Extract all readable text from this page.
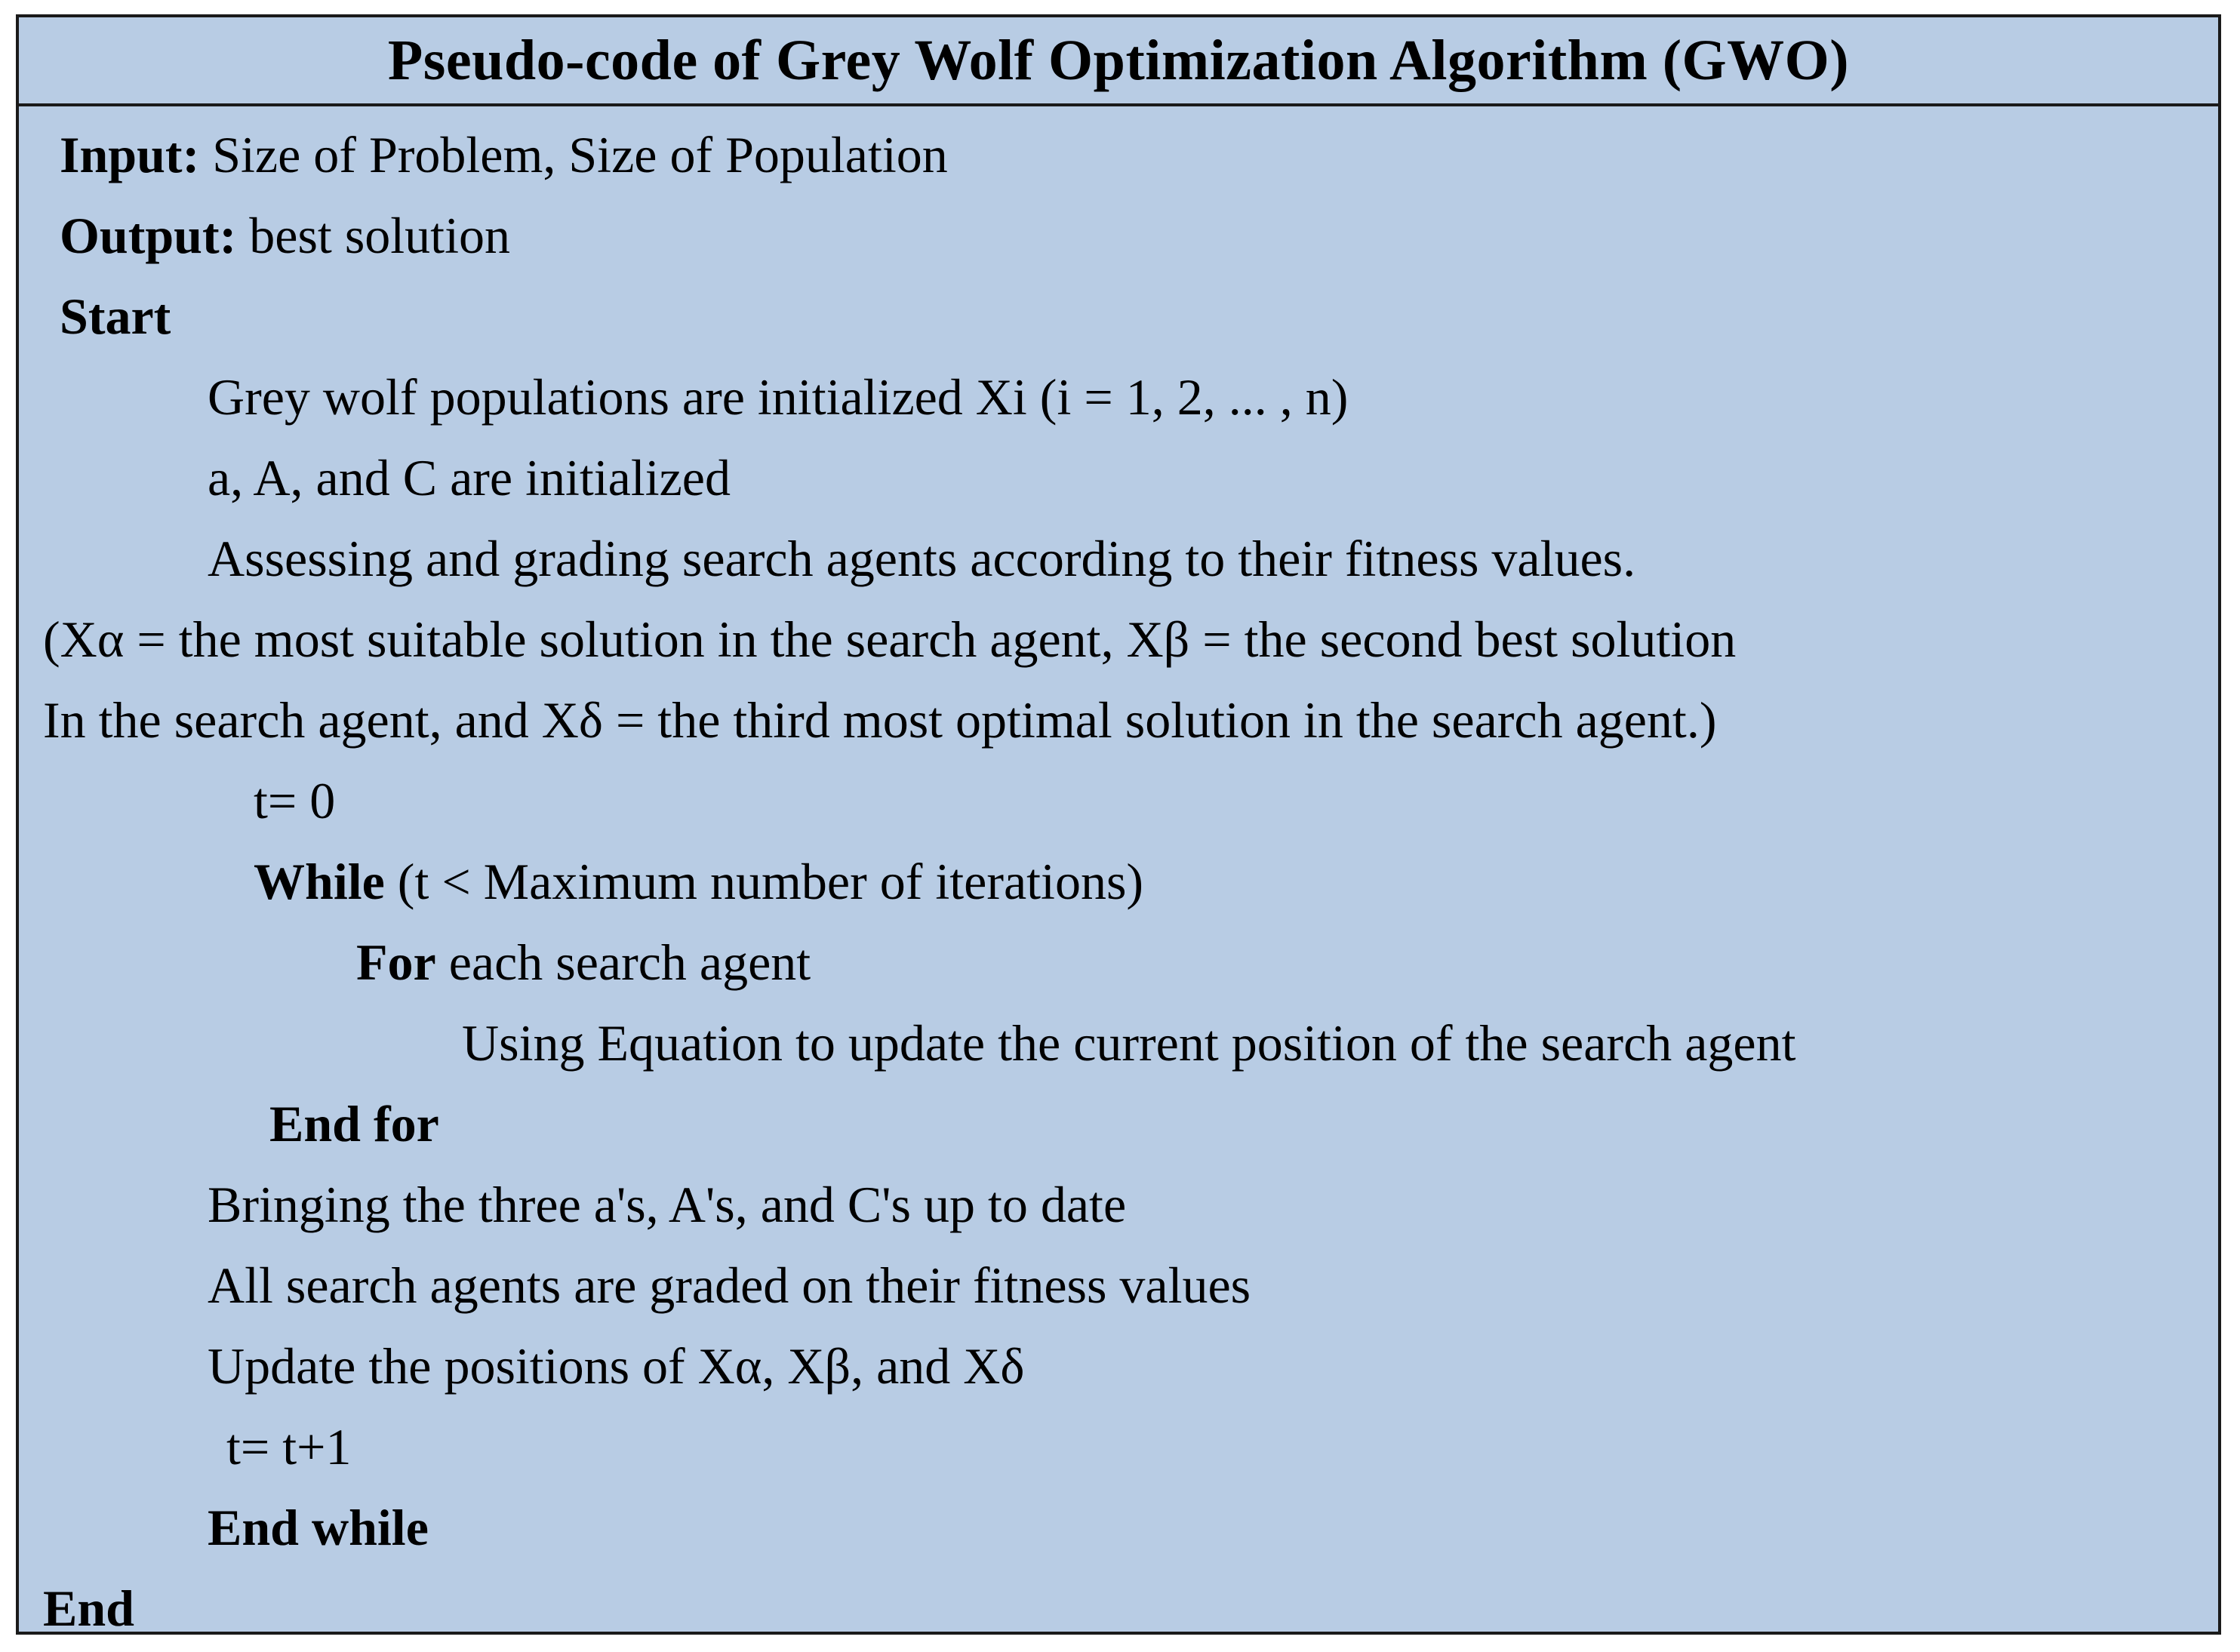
Pseudo-code of Grey Wolf Optimization Algorithm (GWO)
Input: Size of Problem, Size of Population
Output: best solution
Start
Grey wolf populations are initialized Xi (i = 1, 2, ... , n)
a, A, and C are initialized
Assessing and grading search agents according to their fitness values.
(Xα = the most suitable solution in the search agent, Xβ = the second best solution
In the search agent, and Xδ = the third most optimal solution in the search agent.)
t= 0
While (t < Maximum number of iterations)
For each search agent
Using Equation to update the current position of the search agent
End for
Bringing the three a's, A's, and C's up to date
All search agents are graded on their fitness values
Update the positions of Xα, Xβ, and Xδ
t= t+1
End while
End
